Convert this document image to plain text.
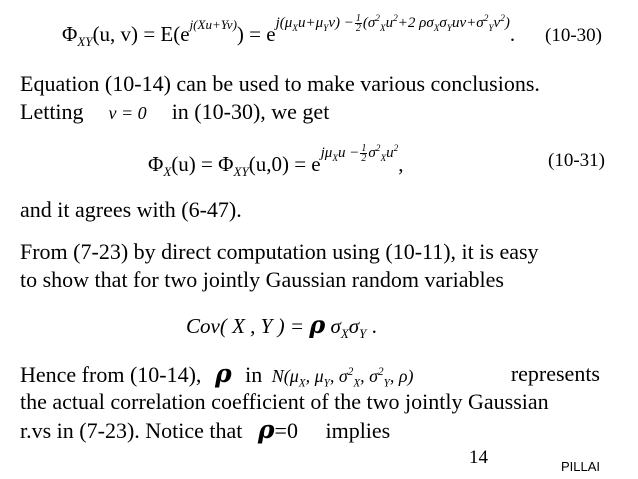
$\Phi_{XY}(u$, $v) = E(e^{j(Xu+Yv)}) = e^{j(\mu_Xu+\mu_Yv) - \frac{1}{2} (\sigma^2_Xu^2+2 \rho\sigma_X\sigma_Yuv+\sigma^2_Yv^2)}$. (10-30)
Equation (10-14) can be used to make various conclusions.
Letting v = 0 in (10-30), we get
$\Phi_X(u) = \Phi_{XY}(u,0) = e^{j\mu_Xu - \frac{1}{2} \sigma^2_Xu^2}$,	(10-31)
and it agrees with (6-47).
From (7-23) by direct computation using (10-11), it is easy
to show that for two jointly Gaussian random variables
Cov( X , Y ) = ρ $\sigma_X\sigma_Y$ .
Hence from (10-14), ρ in $N(\mu_X$, $\mu_Y$, $\sigma^2_X$, $\sigma^2_Y$, ρ)	represents
the actual correlation coefficient of the two jointly Gaussian
r.vs in (7-23). Notice that ρ=0 implies
14	PILLAI
